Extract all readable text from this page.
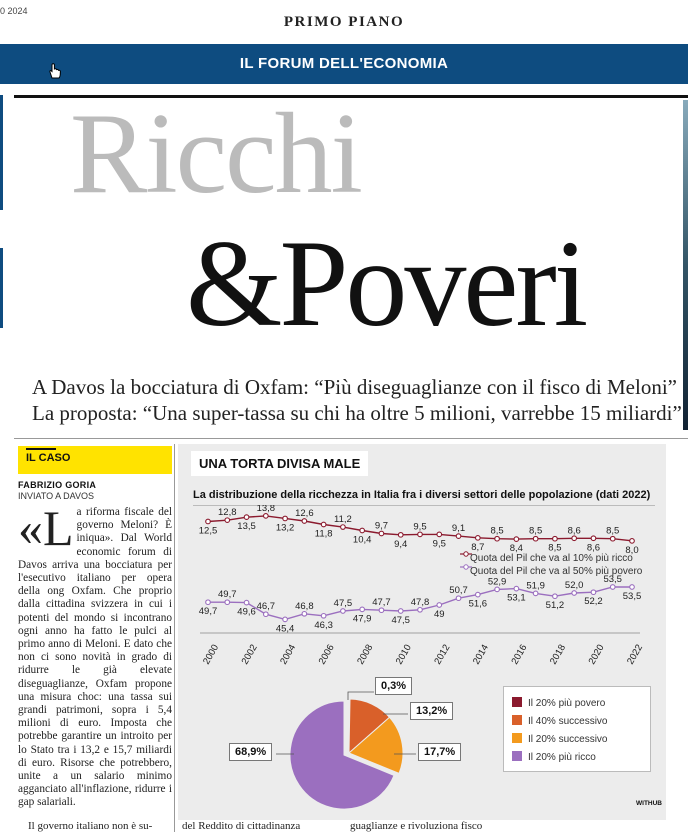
0 2024
PRIMO PIANO
IL FORUM DELL'ECONOMIA
Ricchi
&Poveri
A Davos la bocciatura di Oxfam: “Più diseguaglianze con il fisco di Meloni”
La proposta: “Una super-tassa su chi ha oltre 5 milioni, varrebbe 15 miliardi”
IL CASO
FABRIZIO GORIA
INVIATO A DAVOS
«La riforma fiscale del governo Meloni? È iniqua». Dal World economic forum di Davos arriva una bocciatura per l'esecutivo italiano per opera della ong Oxfam. Che proprio dalla cittadina svizzera in cui i potenti del mondo si incontrano ogni anno ha fatto le pulci al primo anno di Meloni. E dato che non ci sono novità in grado di ridurre le già elevate diseguaglianze, Oxfam propone una misura choc: una tassa sui grandi patrimoni, sopra i 5,4 milioni di euro. Imposta che potrebbe garantire un introito per lo Stato tra i 13,2 e 15,7 miliardi di euro. Risorse che potrebbero, unite a un salario minimo agganciato all'inflazione, ridurre i gap salariali.
UNA TORTA DIVISA MALE
La distribuzione della ricchezza in Italia fra i diversi settori delle popolazione (dati 2022)
12,5
12,8
13,5
13,8
13,2
12,6
11,8
11,2
10,4
9,7
9,4
9,5
9,5
9,1
8,7
8,5
8,4
8,5
8,5
8,6
8,6
8,5
8,0
49,7
49,7
49,6 46,7
45,4
46,8
46,3
47,5
47,9
47,7
47,5
47,8
49
50,7
51,6
52,9
53,1
51,9
51,2
52,0
52,2
53,5
53,5
2000 2002 2004 2006 2008 2010 2012 2014 2016 2018 2020 2022
Quota del Pil che va al 10% più ricco
Quota del Pil che va al 50% più povero
0,3%
13,2%
17,7%
68,9%
Il 20% più povero
Il 40% successivo
Il 20% successivo
Il 20% più ricco
WITHUB
Il governo italiano non è su-	del Reddito di cittadinanza	guaglianze e rivoluziona fisco
